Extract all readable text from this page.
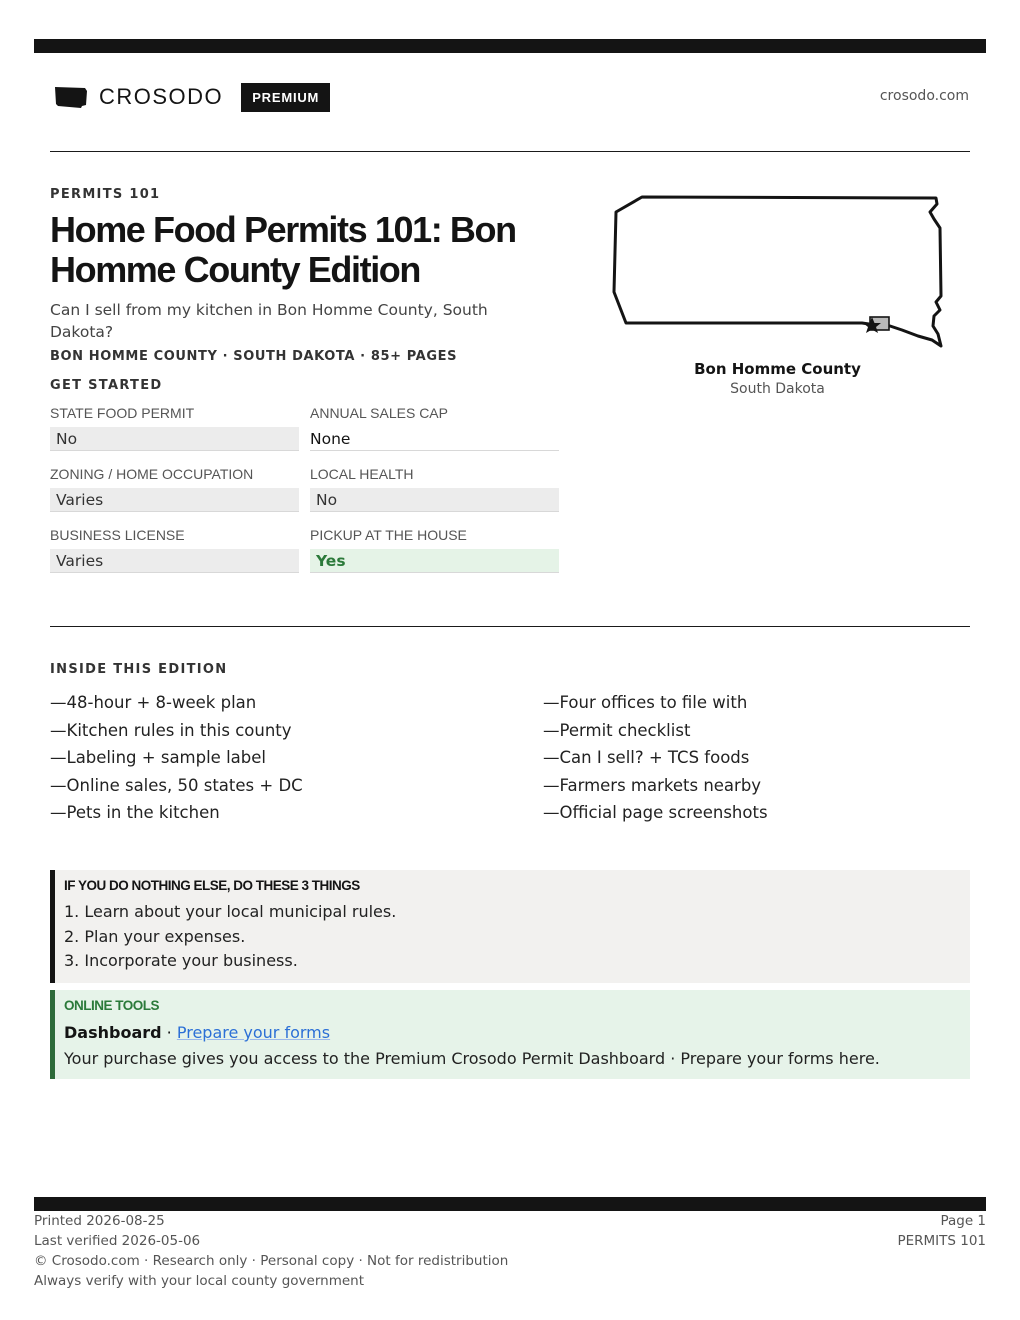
CROSODO	PREMIUM	crosodo.com
PERMITS 101
Home Food Permits 101: Bon Homme County Edition

Can I sell from my kitchen in Bon Homme County, South Dakota?

BON HOMME COUNTY · SOUTH DAKOTA · 85+ PAGES
GET STARTED
STATE FOOD PERMIT
No
ANNUAL SALES CAP
None
ZONING / HOME OCCUPATION
Varies
LOCAL HEALTH
No
BUSINESS LICENSE
Varies
PICKUP AT THE HOUSE
Yes
Bon Homme County
South Dakota
INSIDE THIS EDITION
—48-hour + 8-week plan
—Kitchen rules in this county
—Labeling + sample label
—Online sales, 50 states + DC
—Pets in the kitchen
—Four offices to file with
—Permit checklist
—Can I sell? + TCS foods
—Farmers markets nearby
—Official page screenshots
IF YOU DO NOTHING ELSE, DO THESE 3 THINGS
1. Learn about your local municipal rules.
2. Plan your expenses.
3. Incorporate your business.
ONLINE TOOLS
Dashboard · Prepare your forms
Your purchase gives you access to the Premium Crosodo Permit Dashboard · Prepare your forms here.
Printed 2026-08-25
Last verified 2026-05-06
© Crosodo.com · Research only · Personal copy · Not for redistribution
Always verify with your local county government
Page 1
PERMITS 101
